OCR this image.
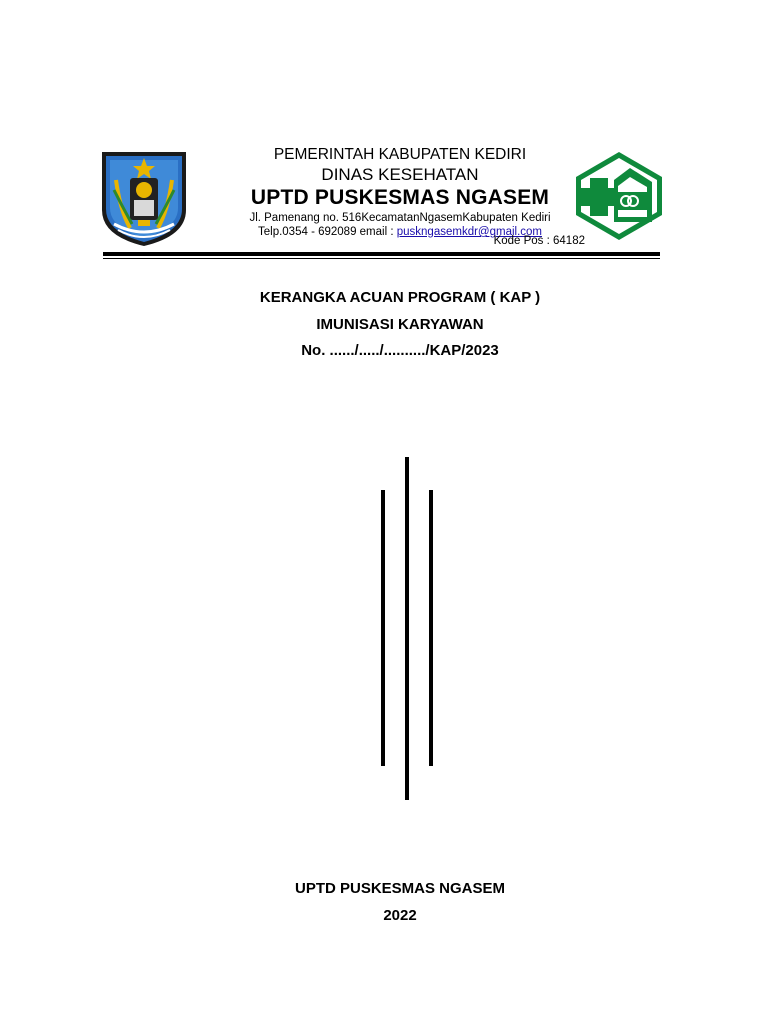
PEMERINTAH KABUPATEN KEDIRI
DINAS KESEHATAN
UPTD PUSKESMAS NGASEM
Jl. Pamenang no. 516KecamatanNgasemKabupaten Kediri
Telp.0354 - 692089 email : puskngasemkdr@gmail.com
Kode Pos : 64182
KERANGKA ACUAN PROGRAM ( KAP )
IMUNISASI KARYAWAN
No. ....../...../........../KAP/2023
UPTD PUSKESMAS NGASEM
2022
